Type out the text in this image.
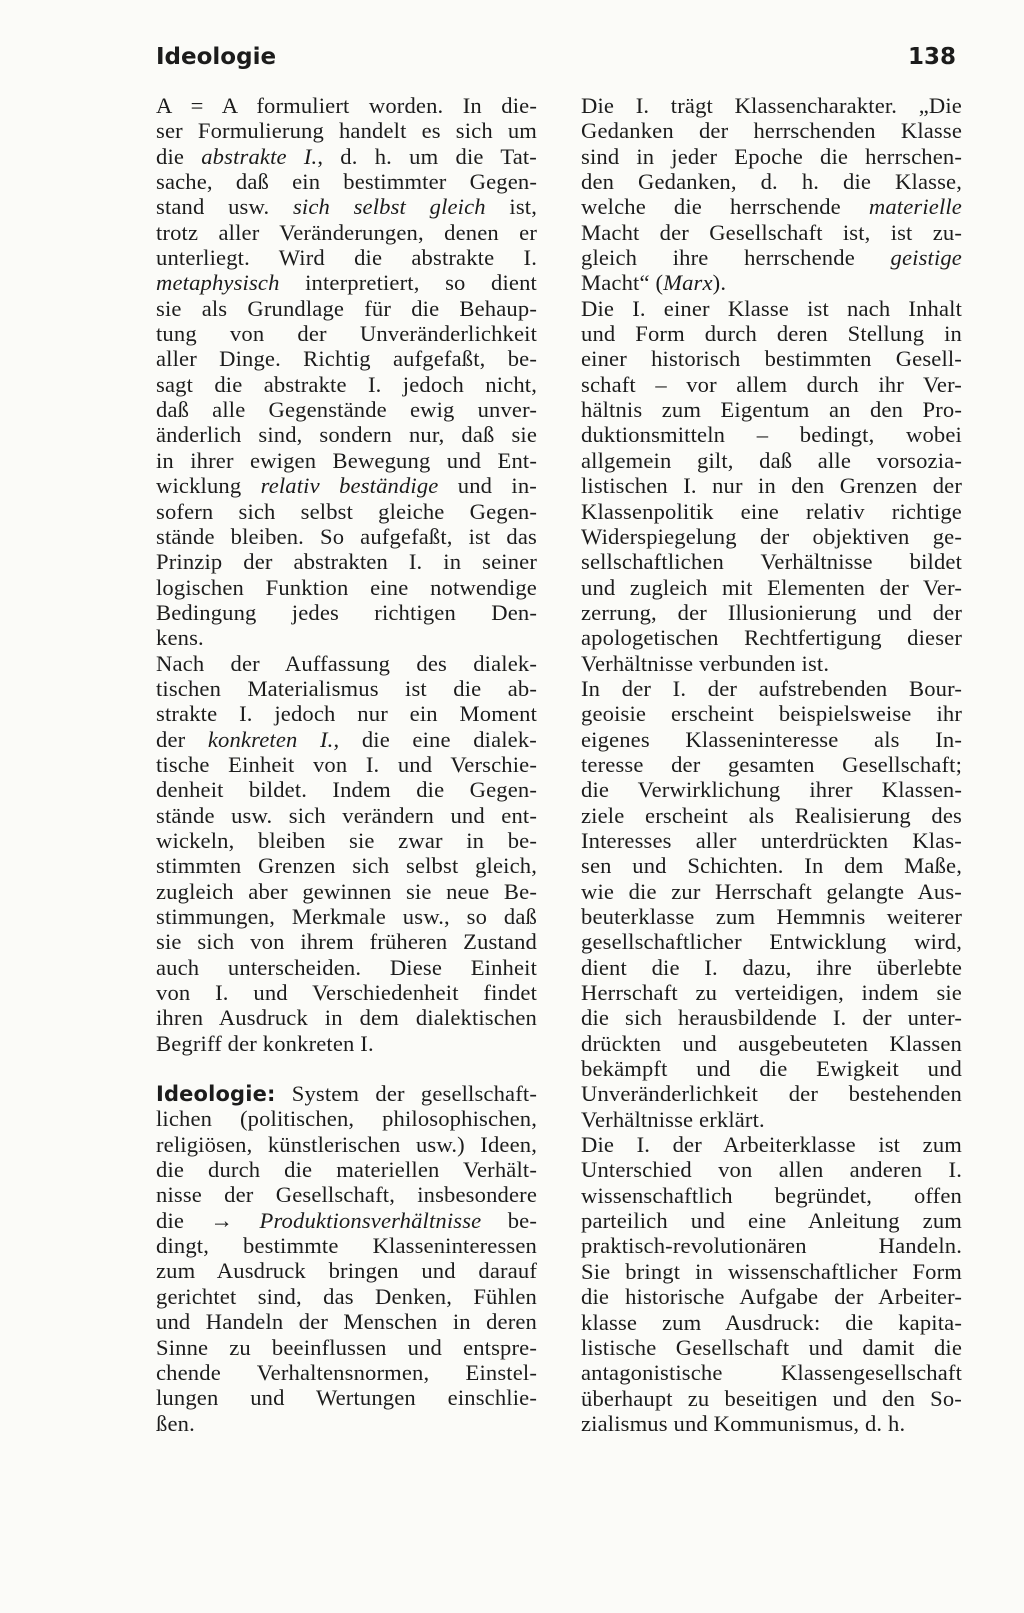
Ideologie	138
A = A formuliert worden. In die-
ser Formulierung handelt es sich um
die abstrakte I., d. h. um die Tat-
sache, daß ein bestimmter Gegen-
stand usw. sich selbst gleich ist,
trotz aller Veränderungen, denen er
unterliegt. Wird die abstrakte I.
metaphysisch interpretiert, so dient
sie als Grundlage für die Behaup-
tung von der Unveränderlichkeit
aller Dinge. Richtig aufgefaßt, be-
sagt die abstrakte I. jedoch nicht,
daß alle Gegenstände ewig unver-
änderlich sind, sondern nur, daß sie
in ihrer ewigen Bewegung und Ent-
wicklung relativ beständige und in-
sofern sich selbst gleiche Gegen-
stände bleiben. So aufgefaßt, ist das
Prinzip der abstrakten I. in seiner
logischen Funktion eine notwendige
Bedingung jedes richtigen Den-
kens.
Nach der Auffassung des dialek-
tischen Materialismus ist die ab-
strakte I. jedoch nur ein Moment
der konkreten I., die eine dialek-
tische Einheit von I. und Verschie-
denheit bildet. Indem die Gegen-
stände usw. sich verändern und ent-
wickeln, bleiben sie zwar in be-
stimmten Grenzen sich selbst gleich,
zugleich aber gewinnen sie neue Be-
stimmungen, Merkmale usw., so daß
sie sich von ihrem früheren Zustand
auch unterscheiden. Diese Einheit
von I. und Verschiedenheit findet
ihren Ausdruck in dem dialektischen
Begriff der konkreten I.
Ideologie: System der gesellschaft-
lichen (politischen, philosophischen,
religiösen, künstlerischen usw.) Ideen,
die durch die materiellen Verhält-
nisse der Gesellschaft, insbesondere
die → Produktionsverhältnisse be-
dingt, bestimmte Klasseninteressen
zum Ausdruck bringen und darauf
gerichtet sind, das Denken, Fühlen
und Handeln der Menschen in deren
Sinne zu beeinflussen und entspre-
chende Verhaltensnormen, Einstel-
lungen und Wertungen einschlie-
ßen.
Die I. trägt Klassencharakter. „Die
Gedanken der herrschenden Klasse
sind in jeder Epoche die herrschen-
den Gedanken, d. h. die Klasse,
welche die herrschende materielle
Macht der Gesellschaft ist, ist zu-
gleich ihre herrschende geistige
Macht“ (Marx).
Die I. einer Klasse ist nach Inhalt
und Form durch deren Stellung in
einer historisch bestimmten Gesell-
schaft – vor allem durch ihr Ver-
hältnis zum Eigentum an den Pro-
duktionsmitteln – bedingt, wobei
allgemein gilt, daß alle vorsozia-
listischen I. nur in den Grenzen der
Klassenpolitik eine relativ richtige
Widerspiegelung der objektiven ge-
sellschaftlichen Verhältnisse bildet
und zugleich mit Elementen der Ver-
zerrung, der Illusionierung und der
apologetischen Rechtfertigung dieser
Verhältnisse verbunden ist.
In der I. der aufstrebenden Bour-
geoisie erscheint beispielsweise ihr
eigenes Klasseninteresse als In-
teresse der gesamten Gesellschaft;
die Verwirklichung ihrer Klassen-
ziele erscheint als Realisierung des
Interesses aller unterdrückten Klas-
sen und Schichten. In dem Maße,
wie die zur Herrschaft gelangte Aus-
beuterklasse zum Hemmnis weiterer
gesellschaftlicher Entwicklung wird,
dient die I. dazu, ihre überlebte
Herrschaft zu verteidigen, indem sie
die sich herausbildende I. der unter-
drückten und ausgebeuteten Klassen
bekämpft und die Ewigkeit und
Unveränderlichkeit der bestehenden
Verhältnisse erklärt.
Die I. der Arbeiterklasse ist zum
Unterschied von allen anderen I.
wissenschaftlich begründet, offen
parteilich und eine Anleitung zum
praktisch-revolutionären Handeln.
Sie bringt in wissenschaftlicher Form
die historische Aufgabe der Arbeiter-
klasse zum Ausdruck: die kapita-
listische Gesellschaft und damit die
antagonistische Klassengesellschaft
überhaupt zu beseitigen und den So-
zialismus und Kommunismus, d. h.
